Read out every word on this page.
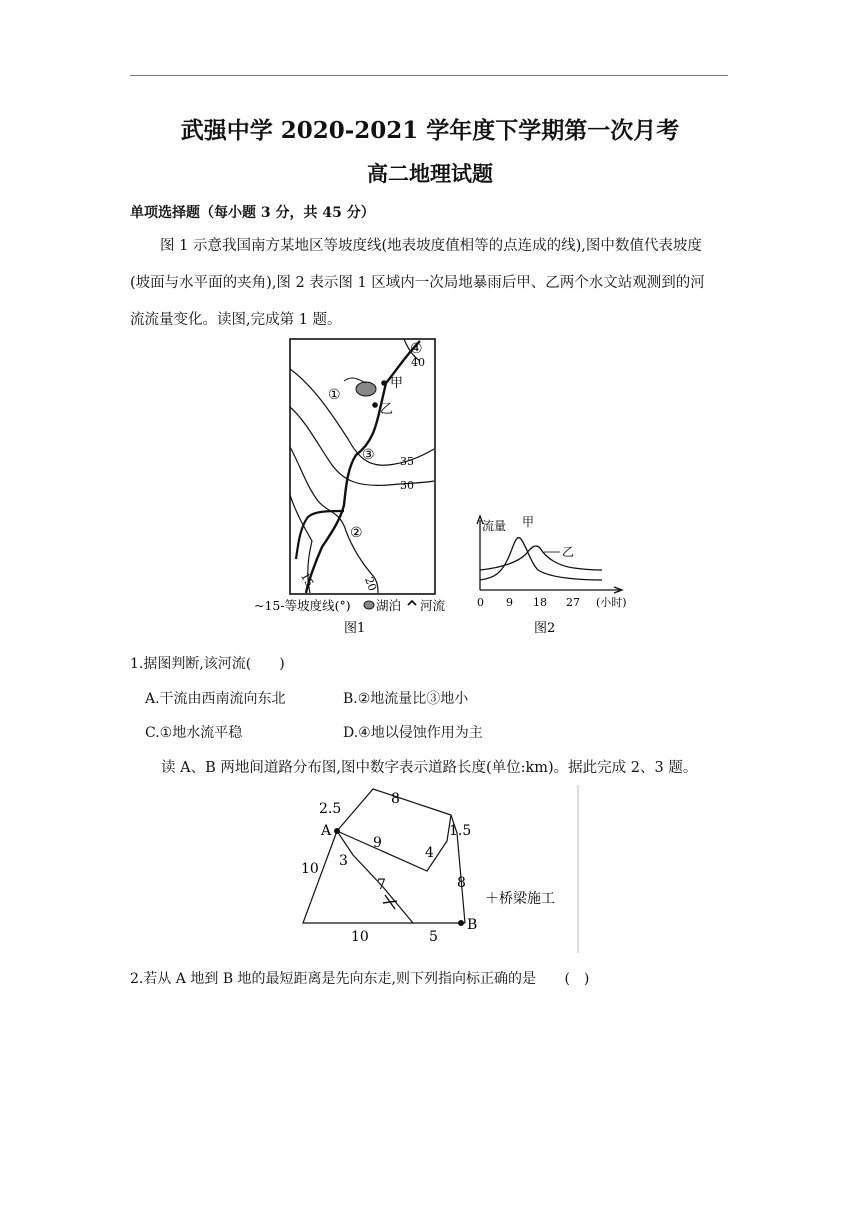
武强中学 2020-2021 学年度下学期第一次月考
高二地理试题
单项选择题（每小题 3 分，共 45 分）
图 1 示意我国南方某地区等坡度线(地表坡度值相等的点连成的线),图中数值代表坡度
(坡面与水平面的夹角),图 2 表示图 1 区域内一次局地暴雨后甲、乙两个水文站观测到的河
流流量变化。读图,完成第 1 题。
甲
乙
①
②
③
④
40
35
30
20
15
~15-等坡度线(°) 湖泊 河流
图1
流量 甲
乙
0 9 18 27 (小时)
图2
1.据图判断,该河流(　　)
A.干流由西南流向东北	B.②地流量比③地小
C.①地水流平稳	D.④地以侵蚀作用为主
读 A、B 两地间道路分布图,图中数字表示道路长度(单位:km)。据此完成 2、3 题。
A
B
2.5
8
1.5
9
4
10 3
7	8
10	5
＋桥梁施工
2.若从 A 地到 B 地的最短距离是先向东走,则下列指向标正确的是 (　)
